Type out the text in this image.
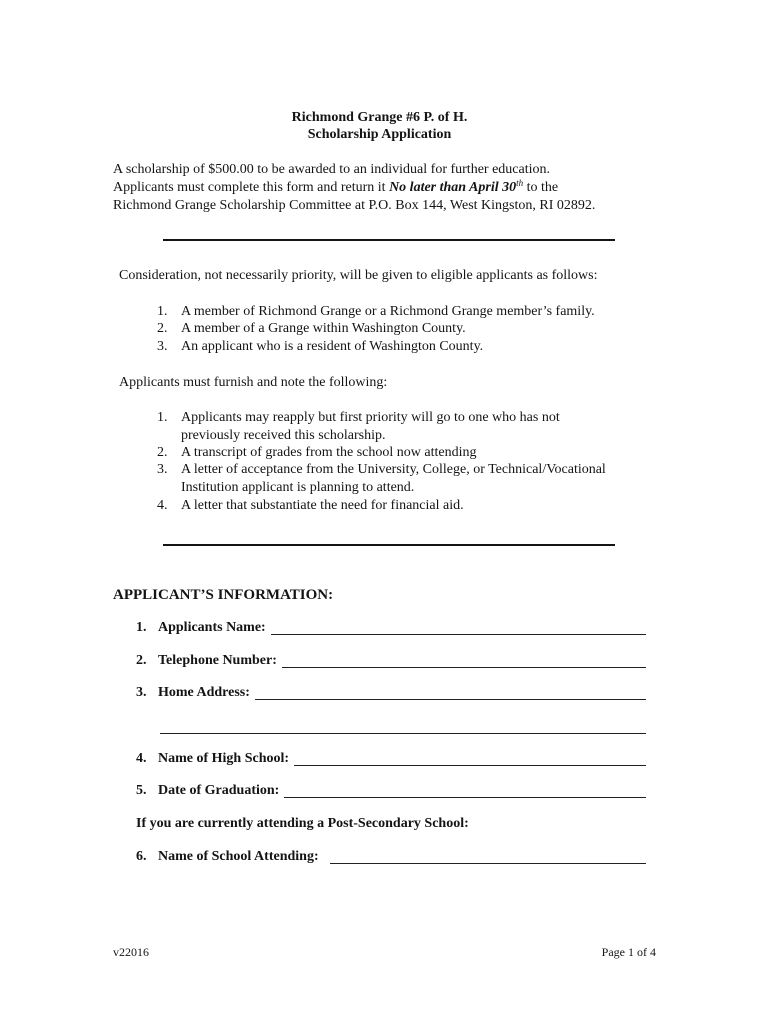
Richmond Grange #6 P. of H.
Scholarship Application
A scholarship of $500.00 to be awarded to an individual for further education.
Applicants must complete this form and return it No later than April 30th to the
Richmond Grange Scholarship Committee at P.O. Box 144, West Kingston, RI 02892.
Consideration, not necessarily priority, will be given to eligible applicants as follows:

1.

A member of Richmond Grange or a Richmond Grange member’s family.

2.

A member of a Grange within Washington County.

3.

An applicant who is a resident of Washington County.

Applicants must furnish and note the following:

1.

Applicants may reapply but first priority will go to one who has not

previously received this scholarship.

2.

A transcript of grades from the school now attending

3.

A letter of acceptance from the University, College, or Technical/Vocational

Institution applicant is planning to attend.

4.

A letter that substantiate the need for financial aid.

APPLICANT’S INFORMATION:
1. Applicants Name:
2. Telephone Number:
3. Home Address:
4. Name of High School:
5. Date of Graduation:
If you are currently attending a Post-Secondary School:
6. Name of School Attending:
v22016	Page 1 of 4
